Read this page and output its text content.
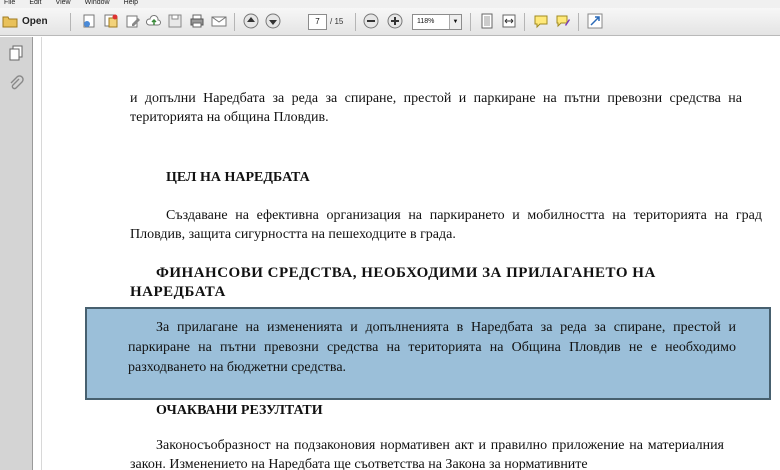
File Edit View Window Help
Open	7	/ 15	118%	▼
и допълни Наредбата за реда за спиране, престой и паркиране на пътни превозни средства на територията на община Пловдив.
ЦЕЛ НА НАРЕДБАТА
Създаване на ефективна организация на паркирането и мобилността на територията на град Пловдив, защита сигурността на пешеходците в града.
ФИНАНСОВИ СРЕДСТВА, НЕОБХОДИМИ ЗА ПРИЛАГАНЕТО НА НАРЕДБАТА
За прилагане на измененията и допълненията в Наредбата за реда за спиране, престой и паркиране на пътни превозни средства на територията на Община Пловдив не е необходимо разходването на бюджетни средства.
ОЧАКВАНИ РЕЗУЛТАТИ
Законосъобразност на подзаконовия нормативен акт и правилно приложение на материалния закон. Изменението на Наредбата ще съответства на Закона за нормативните
